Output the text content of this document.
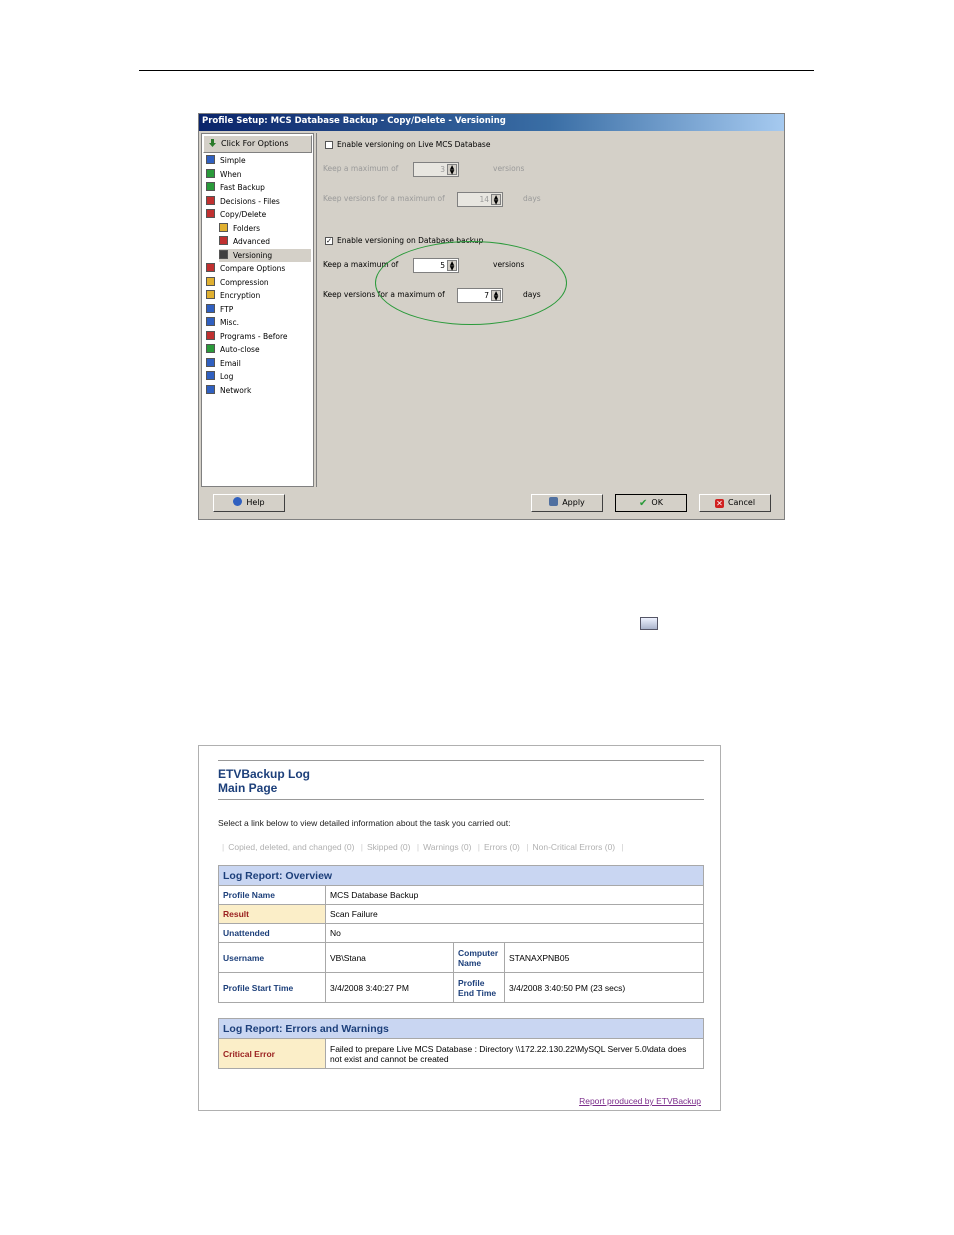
Profile Setup: MCS Database Backup - Copy/Delete - Versioning
Click For Options
Simple
When
Fast Backup
Decisions - Files
Copy/Delete
Folders
Advanced
Versioning
Compare Options
Compression
Encryption
FTP
Misc.
Programs - Before
Auto-close
Email
Log
Network
Enable versioning on Live MCS Database
Keep a maximum of	3 ▲
▼	versions
Keep versions for a maximum of	14 ▲
▼	days
✓ Enable versioning on Database backup
Keep a maximum of	5 ▲
▼	versions
Keep versions for a maximum of	7 ▲
▼	days
Help	Apply	✔ OK	✕ Cancel
ETVBackup Log
Main Page
Select a link below to view detailed information about the task you carried out:
| Copied, deleted, and changed (0) | Skipped (0) | Warnings (0) | Errors (0) | Non-Critical Errors (0) |
Log Report: Overview			
Profile Name	MCS Database Backup		
Result	Scan Failure		
Unattended	No		
Username	VB\Stana	Computer Name	STANAXPNB05
Profile Start Time	3/4/2008 3:40:27 PM	Profile End Time	3/4/2008 3:40:50 PM (23 secs)
Log Report: Errors and Warnings
Critical Error	Failed to prepare Live MCS Database : Directory \\172.22.130.22\MySQL Server 5.0\data does not exist and cannot be created
Report produced by ETVBackup
